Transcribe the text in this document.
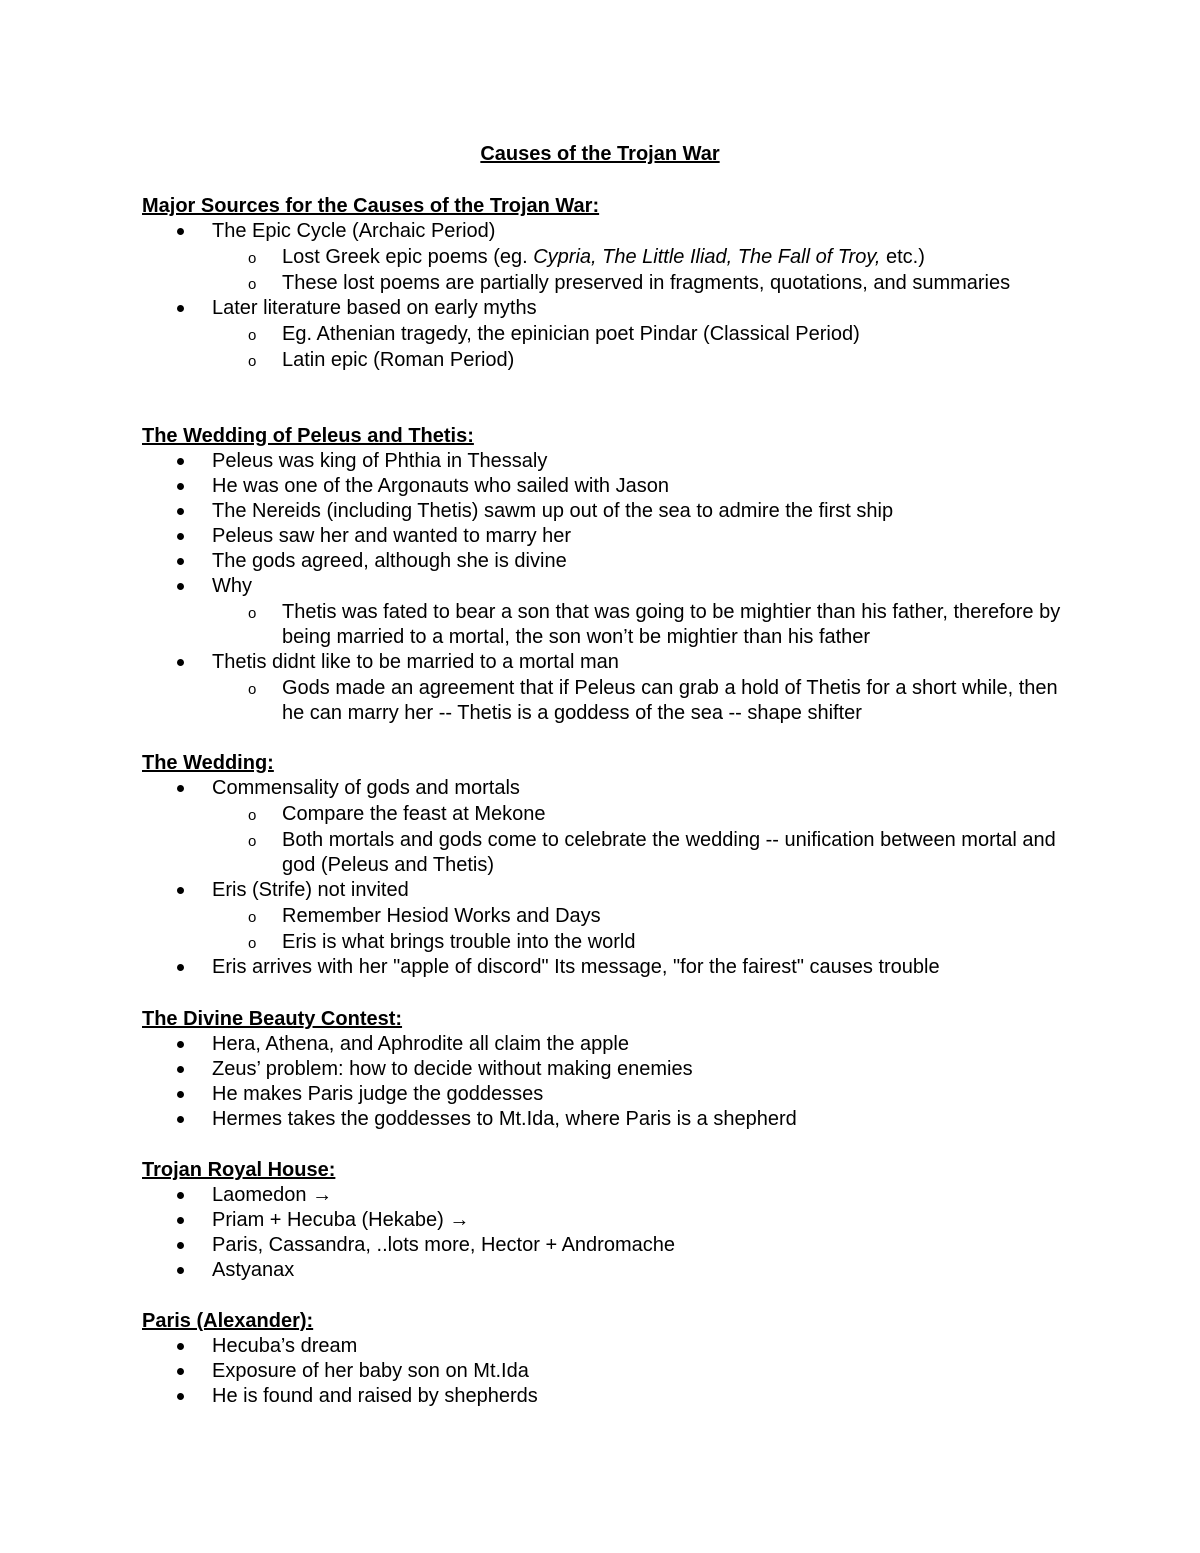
Causes of the Trojan War
Major Sources for the Causes of the Trojan War:
The Epic Cycle (Archaic Period)
o Lost Greek epic poems (eg. Cypria, The Little Iliad, The Fall of Troy, etc.)
o These lost poems are partially preserved in fragments, quotations, and summaries
Later literature based on early myths
o Eg. Athenian tragedy, the epinician poet Pindar (Classical Period)
o Latin epic (Roman Period)
The Wedding of Peleus and Thetis:
Peleus was king of Phthia in Thessaly
He was one of the Argonauts who sailed with Jason
The Nereids (including Thetis) sawm up out of the sea to admire the first ship
Peleus saw her and wanted to marry her
The gods agreed, although she is divine
Why
o Thetis was fated to bear a son that was going to be mightier than his father, therefore by being married to a mortal, the son won’t be mightier than his father
Thetis didnt like to be married to a mortal man
o Gods made an agreement that if Peleus can grab a hold of Thetis for a short while, then he can marry her -- Thetis is a goddess of the sea -- shape shifter
The Wedding:
Commensality of gods and mortals
o Compare the feast at Mekone
o Both mortals and gods come to celebrate the wedding -- unification between mortal and god (Peleus and Thetis)
Eris (Strife) not invited
o Remember Hesiod Works and Days
o Eris is what brings trouble into the world
Eris arrives with her "apple of discord" Its message, "for the fairest" causes trouble
The Divine Beauty Contest:
Hera, Athena, and Aphrodite all claim the apple
Zeus’ problem: how to decide without making enemies
He makes Paris judge the goddesses
Hermes takes the goddesses to Mt.Ida, where Paris is a shepherd
Trojan Royal House:
Laomedon →
Priam + Hecuba (Hekabe) →
Paris, Cassandra, ..lots more, Hector + Andromache
Astyanax
Paris (Alexander):
Hecuba’s dream
Exposure of her baby son on Mt.Ida
He is found and raised by shepherds
